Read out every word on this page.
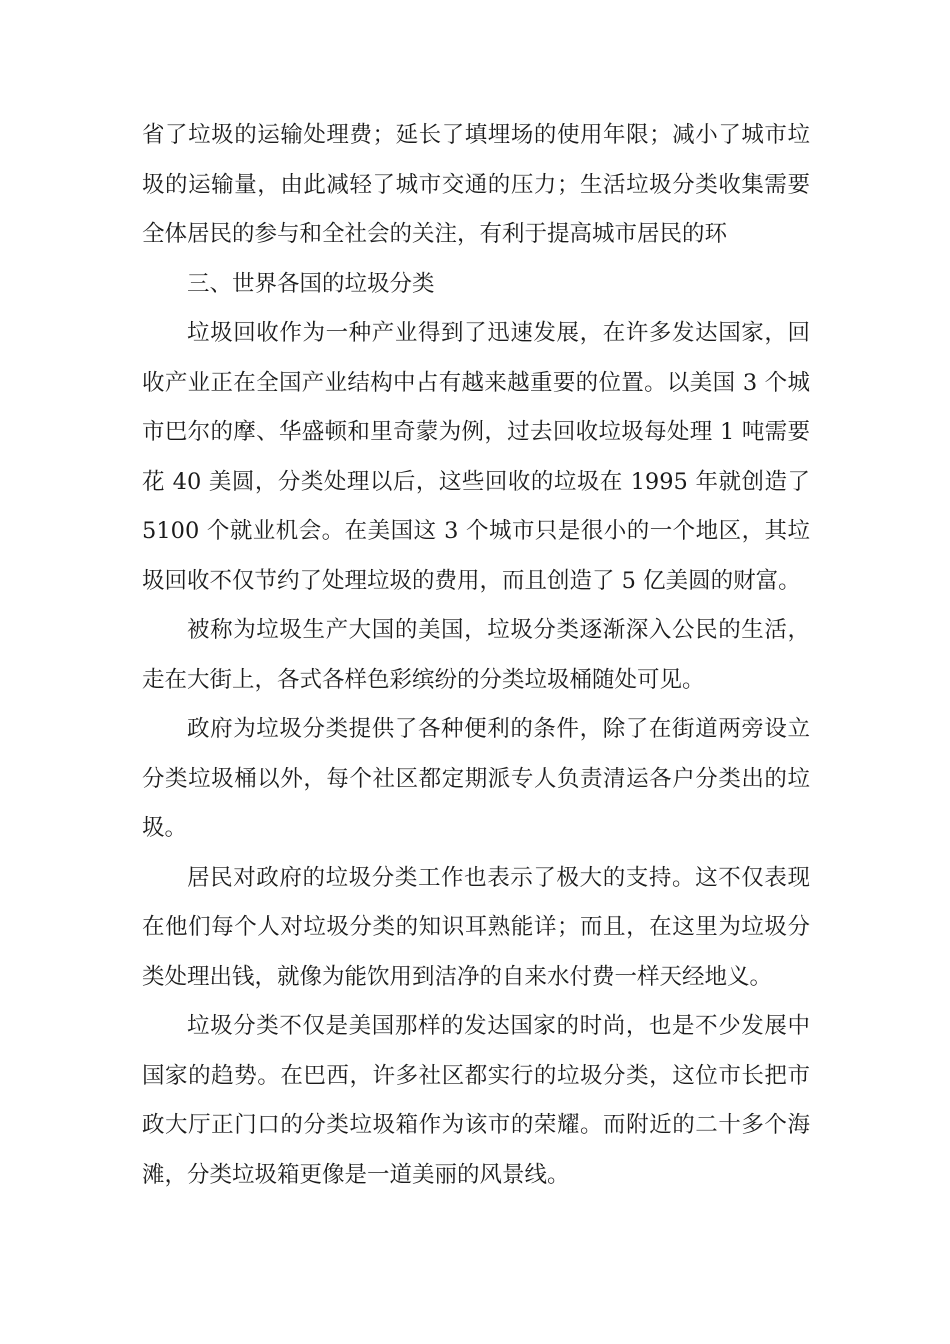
省了垃圾的运输处理费；延长了填埋场的使用年限；减小了城市垃圾的运输量，由此减轻了城市交通的压力；生活垃圾分类收集需要全体居民的参与和全社会的关注，有利于提高城市居民的环

三、世界各国的垃圾分类

垃圾回收作为一种产业得到了迅速发展，在许多发达国家，回收产业正在全国产业结构中占有越来越重要的位置。以美国 3 个城市巴尔的摩、华盛顿和里奇蒙为例，过去回收垃圾每处理 1 吨需要花 40 美圆，分类处理以后，这些回收的垃圾在 1995 年就创造了 5100 个就业机会。在美国这 3 个城市只是很小的一个地区，其垃圾回收不仅节约了处理垃圾的费用，而且创造了 5 亿美圆的财富。

被称为垃圾生产大国的美国，垃圾分类逐渐深入公民的生活，走在大街上，各式各样色彩缤纷的分类垃圾桶随处可见。

政府为垃圾分类提供了各种便利的条件，除了在街道两旁设立分类垃圾桶以外，每个社区都定期派专人负责清运各户分类出的垃圾。

居民对政府的垃圾分类工作也表示了极大的支持。这不仅表现在他们每个人对垃圾分类的知识耳熟能详；而且，在这里为垃圾分类处理出钱，就像为能饮用到洁净的自来水付费一样天经地义。

垃圾分类不仅是美国那样的发达国家的时尚，也是不少发展中国家的趋势。在巴西，许多社区都实行的垃圾分类，这位市长把市政大厅正门口的分类垃圾箱作为该市的荣耀。而附近的二十多个海滩，分类垃圾箱更像是一道美丽的风景线。
